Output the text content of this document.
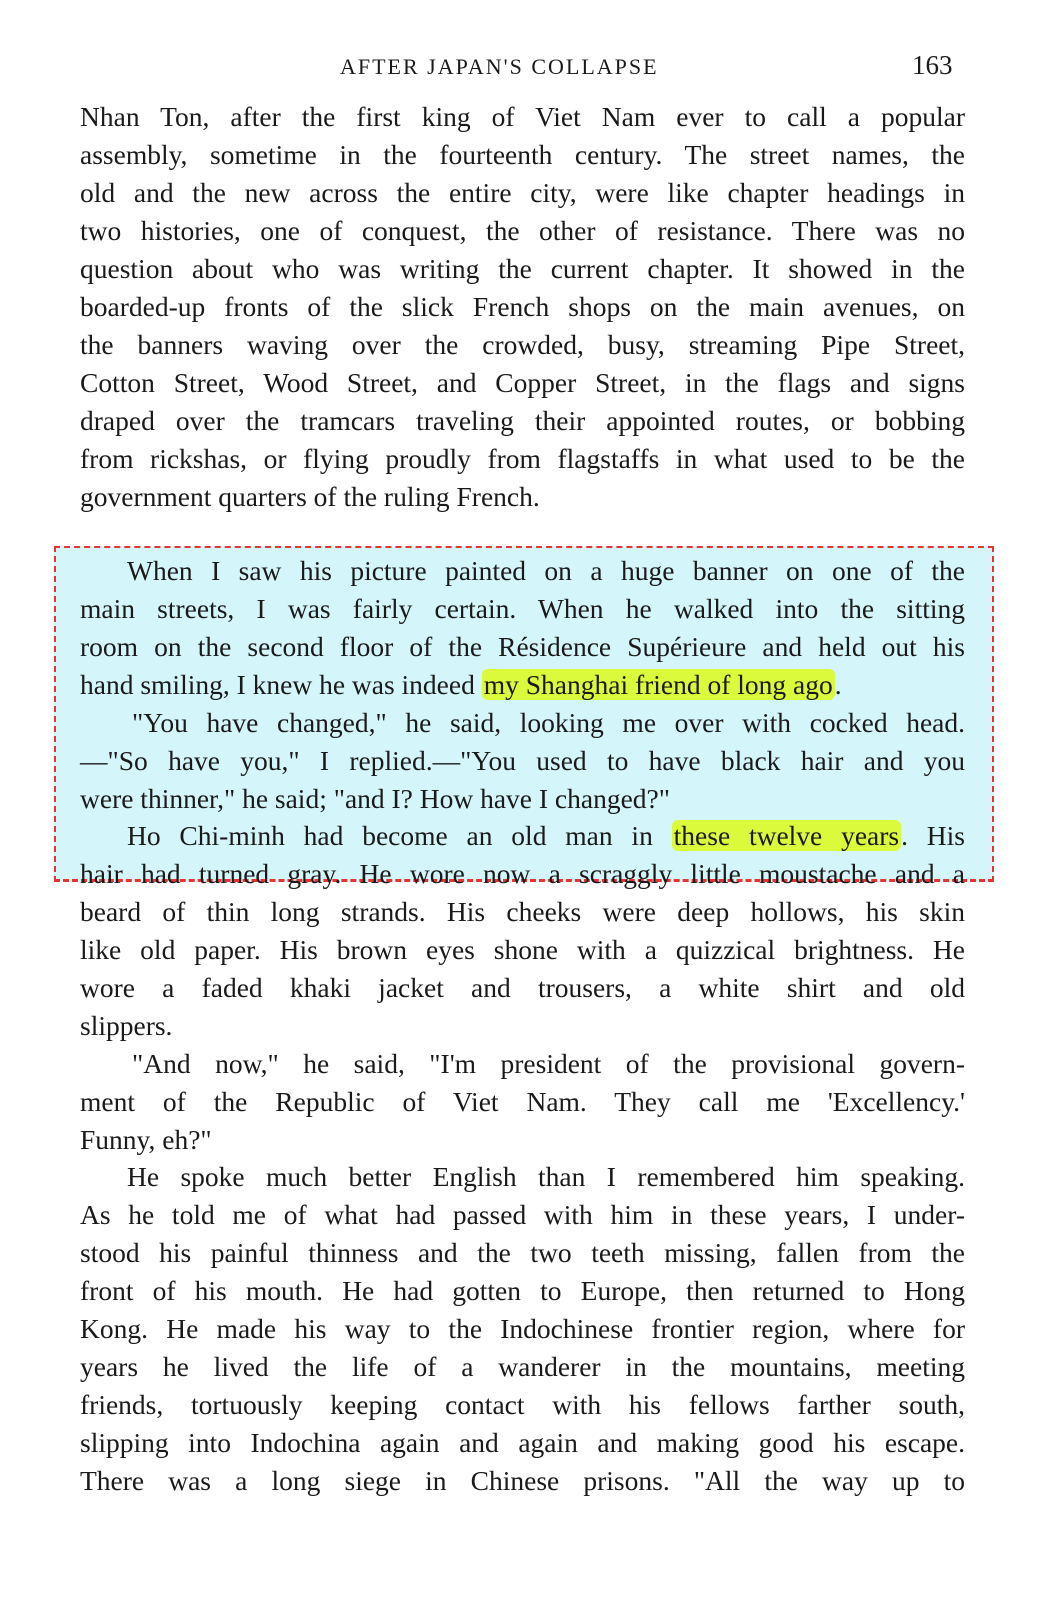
AFTER JAPAN'S COLLAPSE	163
Nhan Ton, after the first king of Viet Nam ever to call a popular
assembly, sometime in the fourteenth century. The street names, the
old and the new across the entire city, were like chapter headings in
two histories, one of conquest, the other of resistance. There was no
question about who was writing the current chapter. It showed in the
boarded-up fronts of the slick French shops on the main avenues, on
the banners waving over the crowded, busy, streaming Pipe Street,
Cotton Street, Wood Street, and Copper Street, in the flags and signs
draped over the tramcars traveling their appointed routes, or bobbing
from rickshas, or flying proudly from flagstaffs in what used to be the
government quarters of the ruling French.
When I saw his picture painted on a huge banner on one of the
main streets, I was fairly certain. When he walked into the sitting
room on the second floor of the Résidence Supérieure and held out his
hand smiling, I knew he was indeed my Shanghai friend of long ago.
"You have changed," he said, looking me over with cocked head.
—"So have you," I replied.—"You used to have black hair and you
were thinner," he said; "and I? How have I changed?"
Ho Chi-minh had become an old man in these twelve years. His
hair had turned gray. He wore now a scraggly little moustache and a
beard of thin long strands. His cheeks were deep hollows, his skin
like old paper. His brown eyes shone with a quizzical brightness. He
wore a faded khaki jacket and trousers, a white shirt and old
slippers.
"And now," he said, "I'm president of the provisional govern-
ment of the Republic of Viet Nam. They call me 'Excellency.'
Funny, eh?"
He spoke much better English than I remembered him speaking.
As he told me of what had passed with him in these years, I under-
stood his painful thinness and the two teeth missing, fallen from the
front of his mouth. He had gotten to Europe, then returned to Hong
Kong. He made his way to the Indochinese frontier region, where for
years he lived the life of a wanderer in the mountains, meeting
friends, tortuously keeping contact with his fellows farther south,
slipping into Indochina again and again and making good his escape.
There was a long siege in Chinese prisons. "All the way up to
